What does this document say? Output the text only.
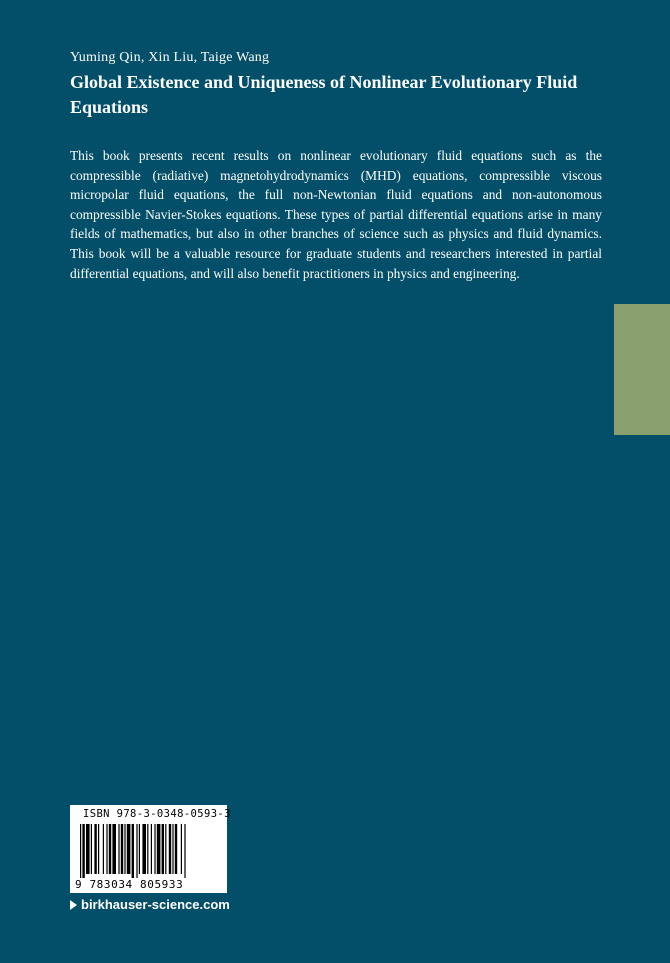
Yuming Qin, Xin Liu, Taige Wang
Global Existence and Uniqueness of Nonlinear Evolutionary Fluid Equations
This book presents recent results on nonlinear evolutionary fluid equations such as the compressible (radiative) magnetohydrodynamics (MHD) equations, compressible viscous micropolar fluid equations, the full non-Newtonian fluid equations and non-autonomous compressible Navier-Stokes equations. These types of partial differential equations arise in many fields of mathematics, but also in other branches of science such as physics and fluid dynamics. This book will be a valuable resource for graduate students and researchers interested in partial differential equations, and will also benefit practitioners in physics and engineering.
ISBN 978-3-0348-0593-3
9 783034 805933
birkhauser-science.com
